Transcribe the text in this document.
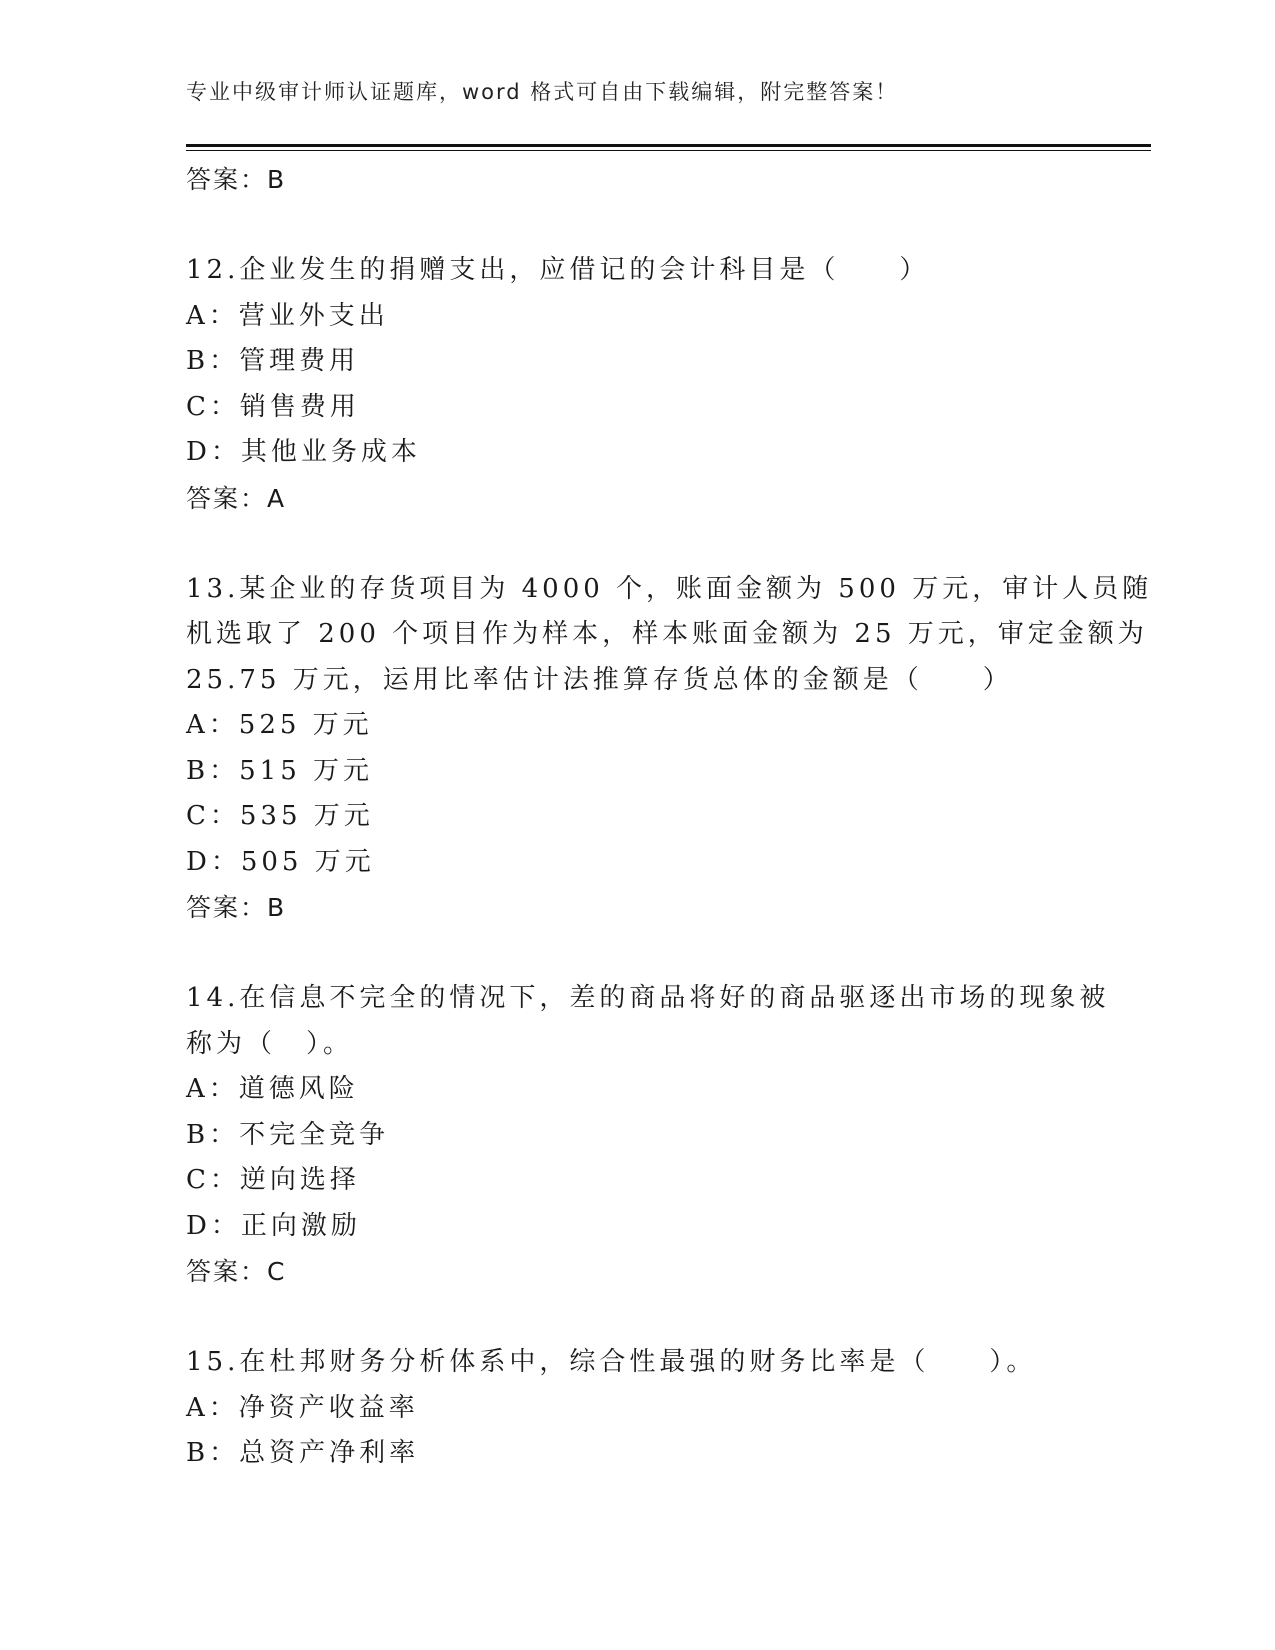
专业中级审计师认证题库，word 格式可自由下载编辑，附完整答案！
答案：B
12.企业发生的捐赠支出，应借记的会计科目是（　　）
A：营业外支出
B：管理费用
C：销售费用
D：其他业务成本
答案：A
13.某企业的存货项目为 4000 个，账面金额为 500 万元，审计人员随
机选取了 200 个项目作为样本，样本账面金额为 25 万元，审定金额为
25.75 万元，运用比率估计法推算存货总体的金额是（　　）
A：525 万元
B：515 万元
C：535 万元
D：505 万元
答案：B
14.在信息不完全的情况下，差的商品将好的商品驱逐出市场的现象被
称为（　）。
A：道德风险
B：不完全竞争
C：逆向选择
D：正向激励
答案：C
15.在杜邦财务分析体系中，综合性最强的财务比率是（　　）。
A：净资产收益率
B：总资产净利率
